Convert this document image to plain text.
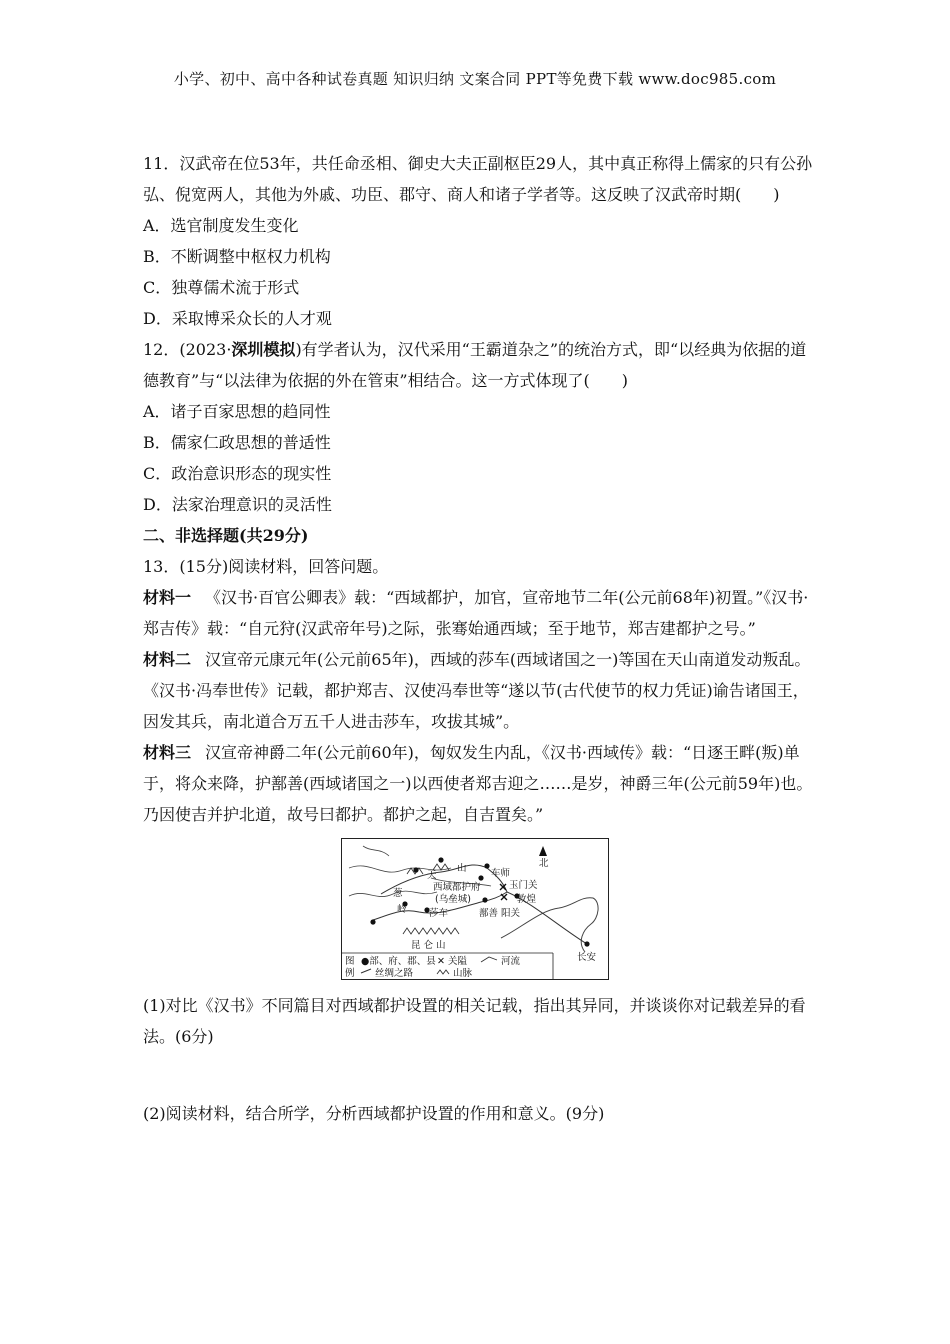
小学、初中、高中各种试卷真题 知识归纳 文案合同 PPT等免费下载 www.doc985.com

11．汉武帝在位53年，共任命丞相、御史大夫正副枢臣29人，其中真正称得上儒家的只有公孙弘、倪宽两人，其他为外戚、功臣、郡守、商人和诸子学者等。这反映了汉武帝时期(　　)

A．选官制度发生变化

B．不断调整中枢权力机构

C．独尊儒术流于形式

D．采取博采众长的人才观

12．(2023·深圳模拟)有学者认为，汉代采用“王霸道杂之”的统治方式，即“以经典为依据的道德教育”与“以法律为依据的外在管束”相结合。这一方式体现了(　　)

A．诸子百家思想的趋同性

B．儒家仁政思想的普适性

C．政治意识形态的现实性

D．法家治理意识的灵活性

二、非选择题(共29分)

13．(15分)阅读材料，回答问题。

材料一 《汉书·百官公卿表》载：“西域都护，加官，宣帝地节二年(公元前68年)初置。”《汉书·郑吉传》载：“自元狩(汉武帝年号)之际，张骞始通西域；至于地节，郑吉建都护之号。”

材料二 汉宣帝元康元年(公元前65年)，西域的莎车(西域诸国之一)等国在天山南道发动叛乱。《汉书·冯奉世传》记载，都护郑吉、汉使冯奉世等“遂以节(古代使节的权力凭证)谕告诸国王，因发其兵，南北道合万五千人进击莎车，攻拔其城”。

材料三 汉宣帝神爵二年(公元前60年)，匈奴发生内乱，《汉书·西域传》载：“日逐王畔(叛)单于，将众来降，护鄯善(西域诸国之一)以西使者郑吉迎之……是岁，神爵三年(公元前59年)也。乃因使吉并护北道，故号曰都护。都护之起，自吉置矣。”

北
天
山	车师
玉门关
西域都护府
(乌垒城)	敦煌
阳关
鄯善
葱
岭 莎车
昆 仑 山
长安
图
例
●部、府、郡、县 ✕ 关隘	河流
丝绸之路	山脉

(1)对比《汉书》不同篇目对西域都护设置的相关记载，指出其异同，并谈谈你对记载差异的看法。(6分)

(2)阅读材料，结合所学，分析西域都护设置的作用和意义。(9分)
